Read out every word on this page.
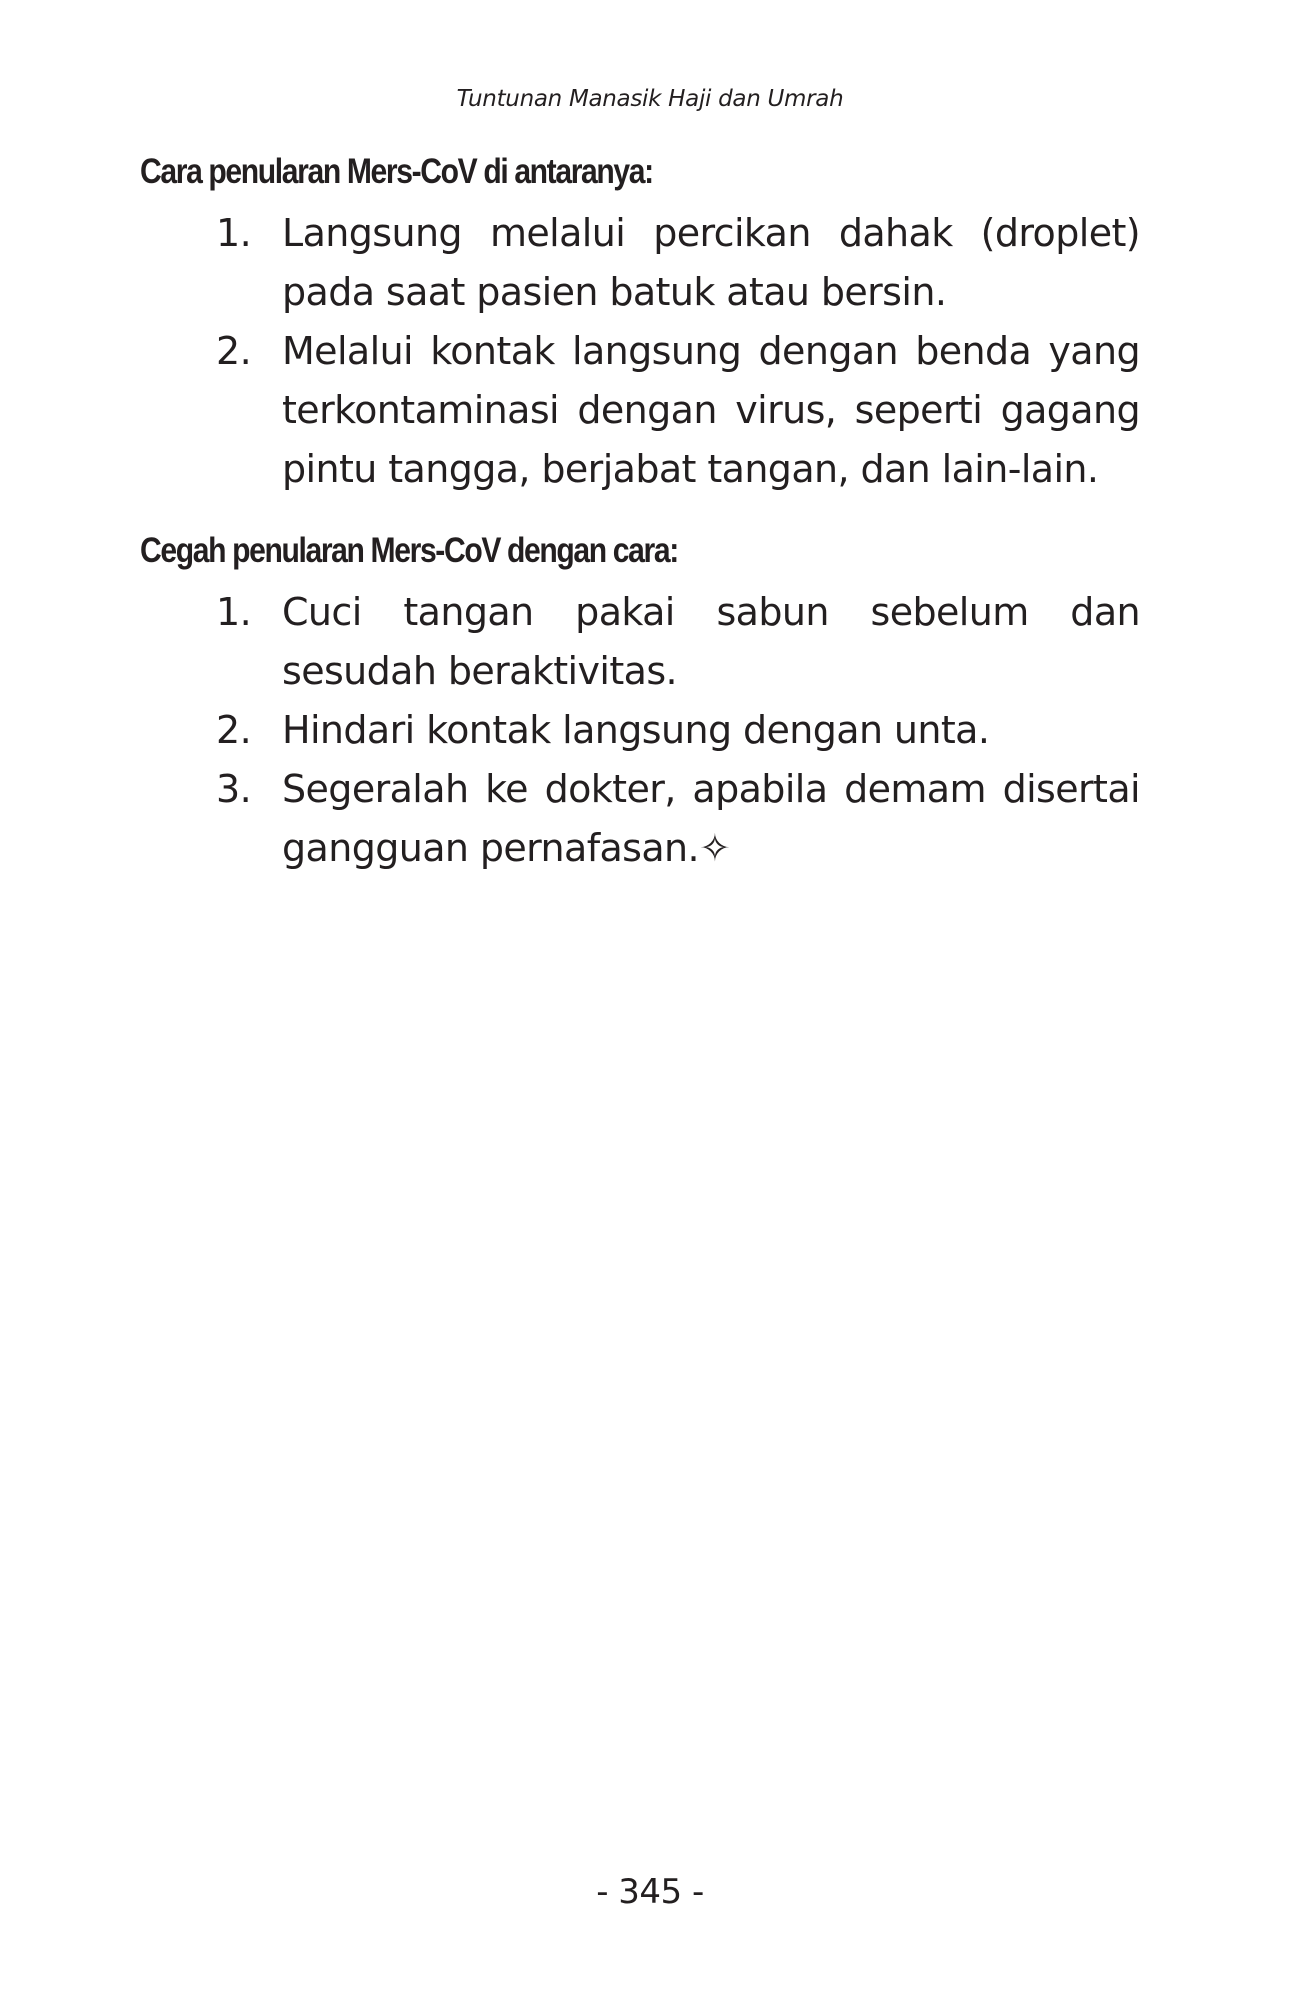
Tuntunan Manasik Haji dan Umrah
Cara penularan Mers-CoV di antaranya:
1. Langsung melalui percikan dahak (droplet) pada saat pasien batuk atau bersin.
2. Melalui kontak langsung dengan benda yang terkontaminasi dengan virus, seperti gagang pintu tangga, berjabat tangan, dan lain-lain.
Cegah penularan Mers-CoV dengan cara:
1. Cuci tangan pakai sabun sebelum dan sesudah beraktivitas.
2. Hindari kontak langsung dengan unta.
3. Segeralah ke dokter, apabila demam disertai gangguan pernafasan.✧
- 345 -
